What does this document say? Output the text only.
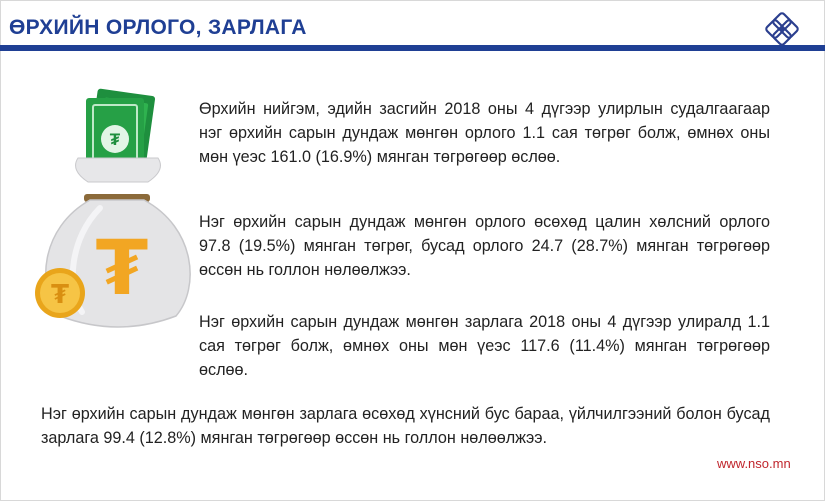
ӨРХИЙН ОРЛОГО, ЗАРЛАГА
₮
₮
₮
Өрхийн нийгэм, эдийн засгийн 2018 оны 4 дүгээр улирлын судалгаагаар нэг өрхийн сарын дундаж мөнгөн орлого 1.1 сая төгрөг болж, өмнөх оны мөн үеэс 161.0 (16.9%) мянган төгрөгөөр өслөө.
Нэг өрхийн сарын дундаж мөнгөн орлого өсөхөд цалин хөлсний орлого 97.8 (19.5%) мянган төгрөг, бусад орлого 24.7 (28.7%) мянган төгрөгөөр өссөн нь голлон нөлөөлжээ.
Нэг өрхийн сарын дундаж мөнгөн зарлага 2018 оны 4 дүгээр улиралд 1.1 сая төгрөг болж, өмнөх оны мөн үеэс 117.6 (11.4%) мянган төгрөгөөр өслөө.
Нэг өрхийн сарын дундаж мөнгөн зарлага өсөхөд хүнсний бус бараа, үйлчилгээний болон бусад зарлага 99.4 (12.8%) мянган төгрөгөөр өссөн нь голлон нөлөөлжээ.
www.nso.mn
